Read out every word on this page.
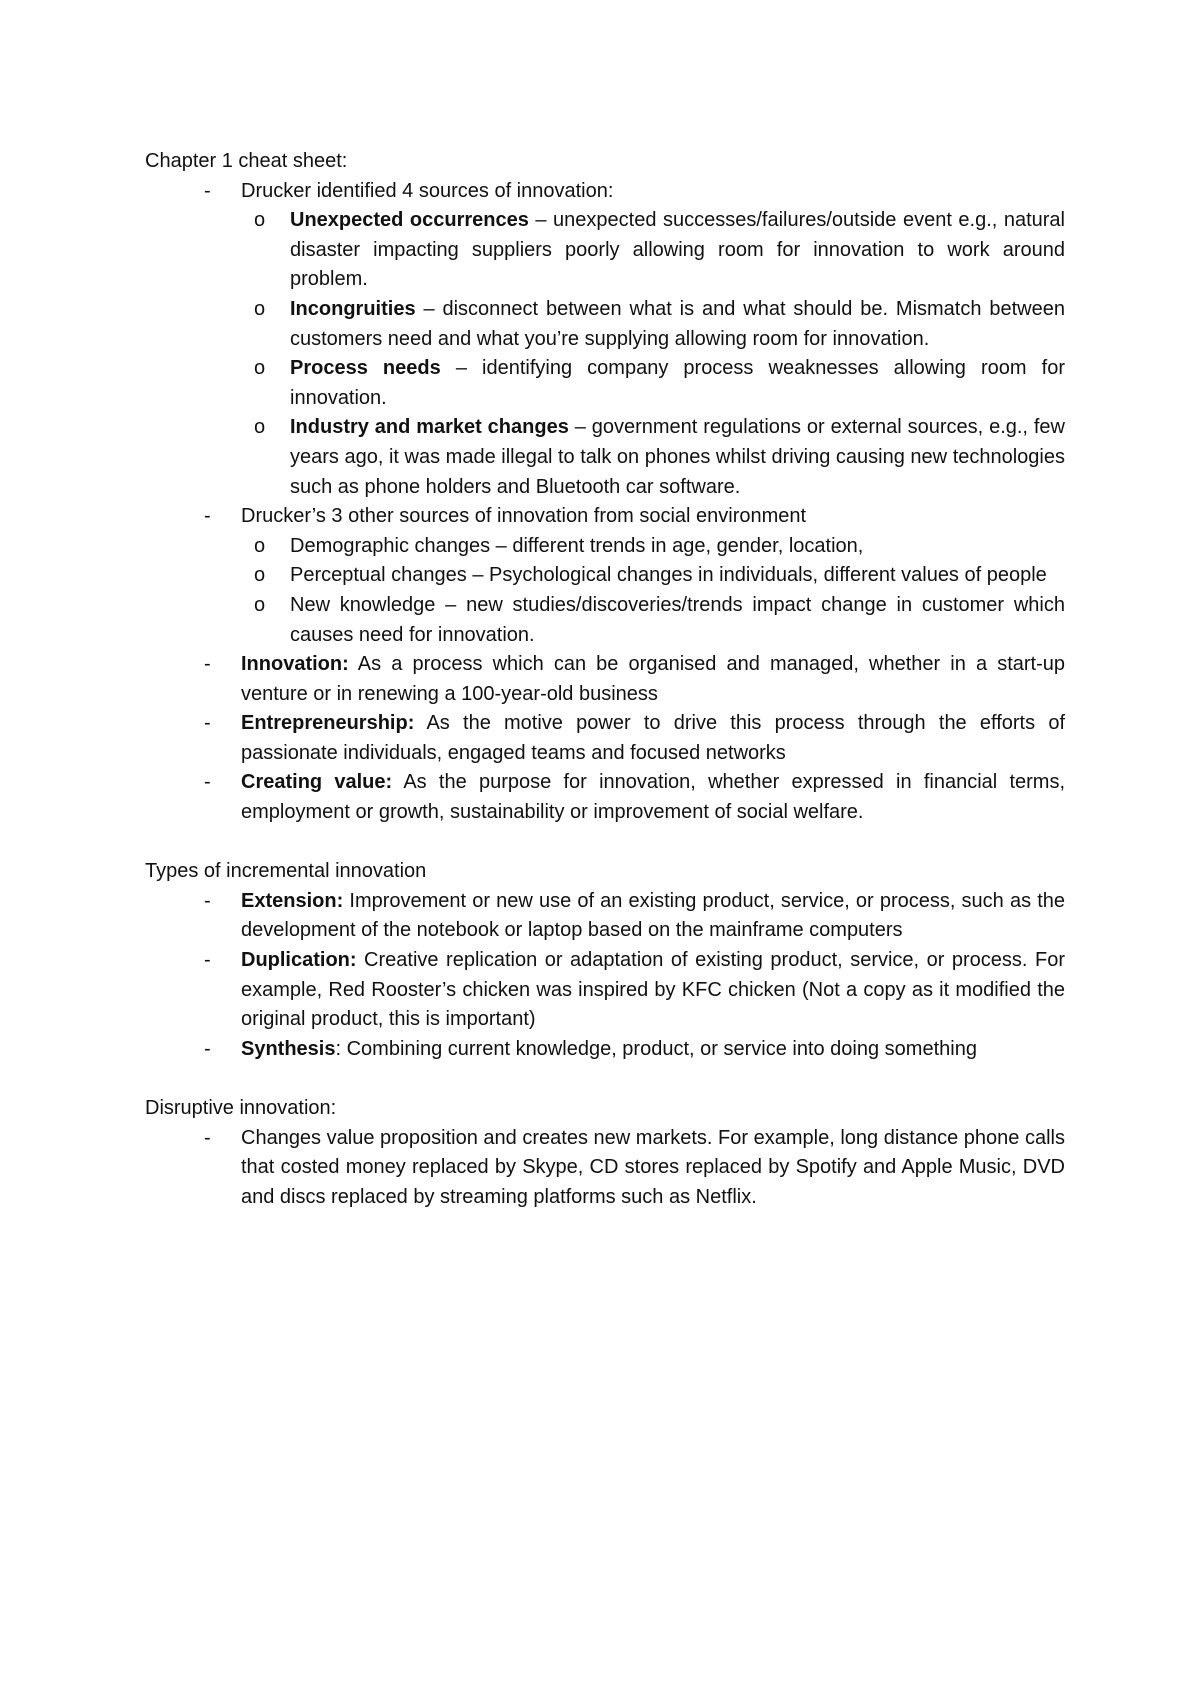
Chapter 1 cheat sheet:

- Drucker identified 4 sources of innovation:
o Unexpected occurrences – unexpected successes/failures/outside event e.g., natural disaster impacting suppliers poorly allowing room for innovation to work around problem.
o Incongruities – disconnect between what is and what should be. Mismatch between customers need and what you’re supplying allowing room for innovation.
o Process needs – identifying company process weaknesses allowing room for innovation.
o Industry and market changes – government regulations or external sources, e.g., few years ago, it was made illegal to talk on phones whilst driving causing new technologies such as phone holders and Bluetooth car software.
- Drucker’s 3 other sources of innovation from social environment
o Demographic changes – different trends in age, gender, location,
o Perceptual changes – Psychological changes in individuals, different values of people
o New knowledge – new studies/discoveries/trends impact change in customer which causes need for innovation.
- Innovation: As a process which can be organised and managed, whether in a start-up venture or in renewing a 100-year-old business
- Entrepreneurship: As the motive power to drive this process through the efforts of passionate individuals, engaged teams and focused networks
- Creating value: As the purpose for innovation, whether expressed in financial terms, employment or growth, sustainability or improvement of social welfare.

Types of incremental innovation

- Extension: Improvement or new use of an existing product, service, or process, such as the development of the notebook or laptop based on the mainframe computers
- Duplication: Creative replication or adaptation of existing product, service, or process. For example, Red Rooster’s chicken was inspired by KFC chicken (Not a copy as it modified the original product, this is important)
- Synthesis: Combining current knowledge, product, or service into doing something

Disruptive innovation:

- Changes value proposition and creates new markets. For example, long distance phone calls that costed money replaced by Skype, CD stores replaced by Spotify and Apple Music, DVD and discs replaced by streaming platforms such as Netflix.
